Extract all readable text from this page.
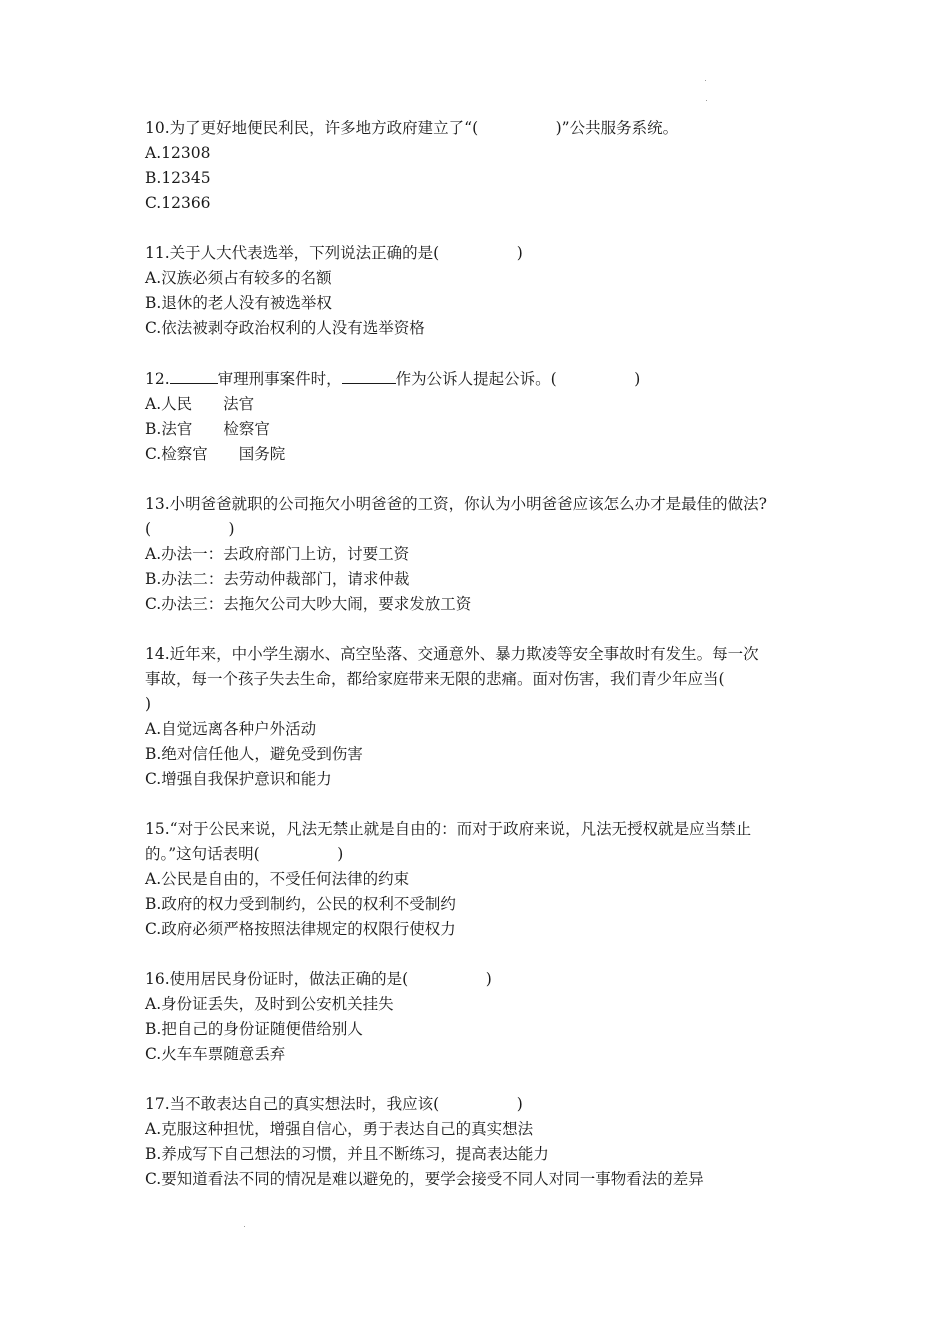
10.为了更好地便民利民，许多地方政府建立了“(　　　　　)”公共服务系统。
A.12308
B.12345
C.12366
11.关于人大代表选举，下列说法正确的是(　　　　　)
A.汉族必须占有较多的名额
B.退休的老人没有被选举权
C.依法被剥夺政治权利的人没有选举资格
12.	审理刑事案件时，	作为公诉人提起公诉。(　　　　　)
A.人民　　法官
B.法官　　检察官
C.检察官　　国务院
13.小明爸爸就职的公司拖欠小明爸爸的工资，你认为小明爸爸应该怎么办才是最佳的做法?
(　　　　　)
A.办法一：去政府部门上访，讨要工资
B.办法二：去劳动仲裁部门，请求仲裁
C.办法三：去拖欠公司大吵大闹，要求发放工资
14.近年来，中小学生溺水、高空坠落、交通意外、暴力欺凌等安全事故时有发生。每一次
事故，每一个孩子失去生命，都给家庭带来无限的悲痛。面对伤害，我们青少年应当(
)
A.自觉远离各种户外活动
B.绝对信任他人，避免受到伤害
C.增强自我保护意识和能力
15.“对于公民来说，凡法无禁止就是自由的：而对于政府来说，凡法无授权就是应当禁止
的。”这句话表明(　　　　　)
A.公民是自由的，不受任何法律的约束
B.政府的权力受到制约，公民的权利不受制约
C.政府必须严格按照法律规定的权限行使权力
16.使用居民身份证时，做法正确的是(　　　　　)
A.身份证丢失，及时到公安机关挂失
B.把自己的身份证随便借给别人
C.火车车票随意丢弃
17.当不敢表达自己的真实想法时，我应该(　　　　　)
A.克服这种担忧，增强自信心，勇于表达自己的真实想法
B.养成写下自己想法的习惯，并且不断练习，提高表达能力
C.要知道看法不同的情况是难以避免的，要学会接受不同人对同一事物看法的差异
